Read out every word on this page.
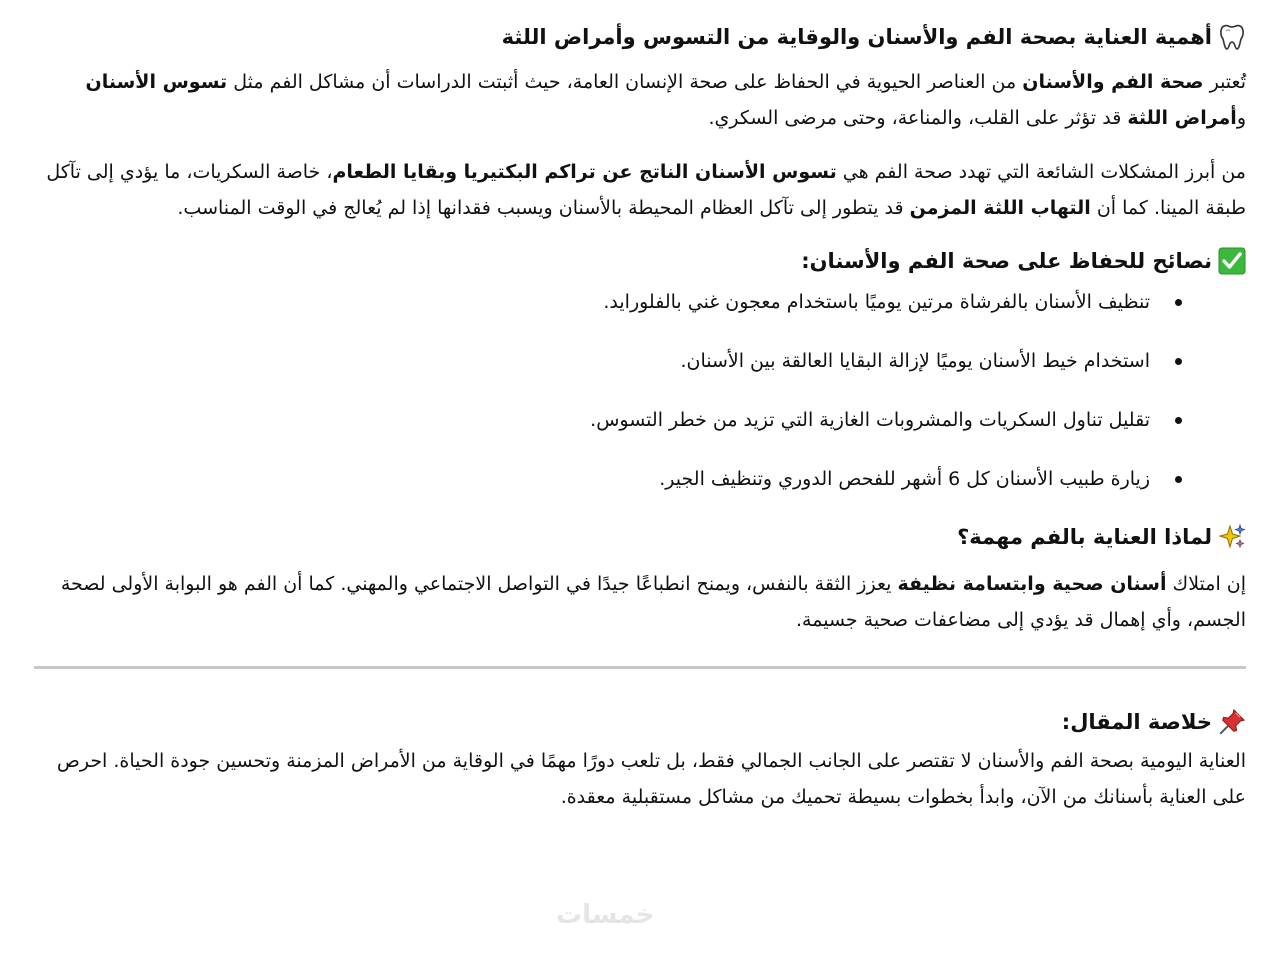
أهمية العناية بصحة الفم والأسنان والوقاية من التسوس وأمراض اللثة

تُعتبر صحة الفم والأسنان من العناصر الحيوية في الحفاظ على صحة الإنسان العامة، حيث أثبتت الدراسات أن مشاكل الفم مثل تسوس الأسنان وأمراض اللثة قد تؤثر على القلب، والمناعة، وحتى مرضى السكري.

من أبرز المشكلات الشائعة التي تهدد صحة الفم هي تسوس الأسنان الناتج عن تراكم البكتيريا وبقايا الطعام، خاصة السكريات، ما يؤدي إلى تآكل طبقة المينا. كما أن التهاب اللثة المزمن قد يتطور إلى تآكل العظام المحيطة بالأسنان ويسبب فقدانها إذا لم يُعالج في الوقت المناسب.

نصائح للحفاظ على صحة الفم والأسنان:
تنظيف الأسنان بالفرشاة مرتين يوميًا باستخدام معجون غني بالفلورايد.
استخدام خيط الأسنان يوميًا لإزالة البقايا العالقة بين الأسنان.
تقليل تناول السكريات والمشروبات الغازية التي تزيد من خطر التسوس.
زيارة طبيب الأسنان كل 6 أشهر للفحص الدوري وتنظيف الجير.
لماذا العناية بالفم مهمة؟

إن امتلاك أسنان صحية وابتسامة نظيفة يعزز الثقة بالنفس، ويمنح انطباعًا جيدًا في التواصل الاجتماعي والمهني. كما أن الفم هو البوابة الأولى لصحة الجسم، وأي إهمال قد يؤدي إلى مضاعفات صحية جسيمة.

خلاصة المقال:

العناية اليومية بصحة الفم والأسنان لا تقتصر على الجانب الجمالي فقط، بل تلعب دورًا مهمًا في الوقاية من الأمراض المزمنة وتحسين جودة الحياة. احرص على العناية بأسنانك من الآن، وابدأ بخطوات بسيطة تحميك من مشاكل مستقبلية معقدة.

خمسات
